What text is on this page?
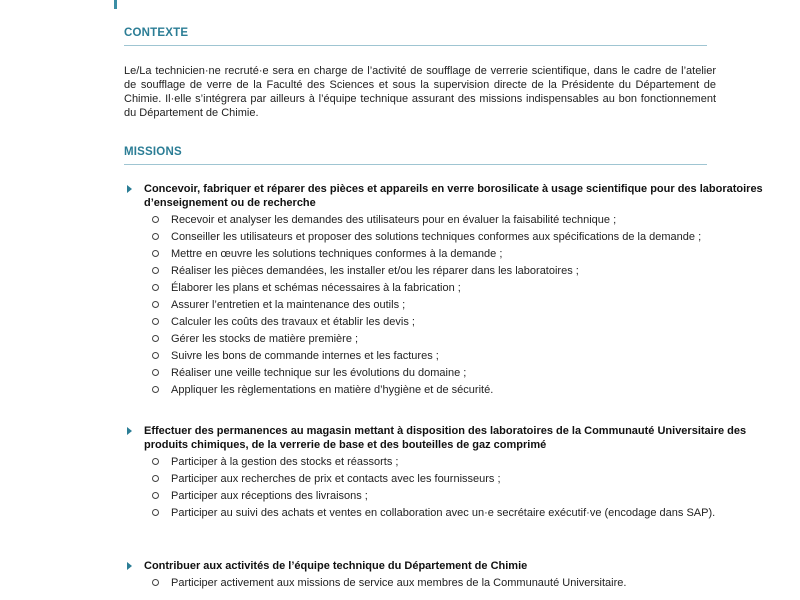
CONTEXTE
Le/La technicien·ne recruté·e sera en charge de l’activité de soufflage de verrerie scientifique, dans le cadre de l’atelier de soufflage de verre de la Faculté des Sciences et sous la supervision directe de la Présidente du Département de Chimie. Il·elle s’intégrera par ailleurs à l’équipe technique assurant des missions indispensables au bon fonctionnement du Département de Chimie.
MISSIONS
Concevoir, fabriquer et réparer des pièces et appareils en verre borosilicate à usage scientifique pour des laboratoires d’enseignement ou de recherche
Recevoir et analyser les demandes des utilisateurs pour en évaluer la faisabilité technique ;
Conseiller les utilisateurs et proposer des solutions techniques conformes aux spécifications de la demande ;
Mettre en œuvre les solutions techniques conformes à la demande ;
Réaliser les pièces demandées, les installer et/ou les réparer dans les laboratoires ;
Élaborer les plans et schémas nécessaires à la fabrication ;
Assurer l’entretien et la maintenance des outils ;
Calculer les coûts des travaux et établir les devis ;
Gérer les stocks de matière première ;
Suivre les bons de commande internes et les factures ;
Réaliser une veille technique sur les évolutions du domaine ;
Appliquer les règlementations en matière d’hygiène et de sécurité.
Effectuer des permanences au magasin mettant à disposition des laboratoires de la Communauté Universitaire des produits chimiques, de la verrerie de base et des bouteilles de gaz comprimé
Participer à la gestion des stocks et réassorts ;
Participer aux recherches de prix et contacts avec les fournisseurs ;
Participer aux réceptions des livraisons ;
Participer au suivi des achats et ventes en collaboration avec un·e secrétaire exécutif·ve (encodage dans SAP).
Contribuer aux activités de l’équipe technique du Département de Chimie
Participer activement aux missions de service aux membres de la Communauté Universitaire.
